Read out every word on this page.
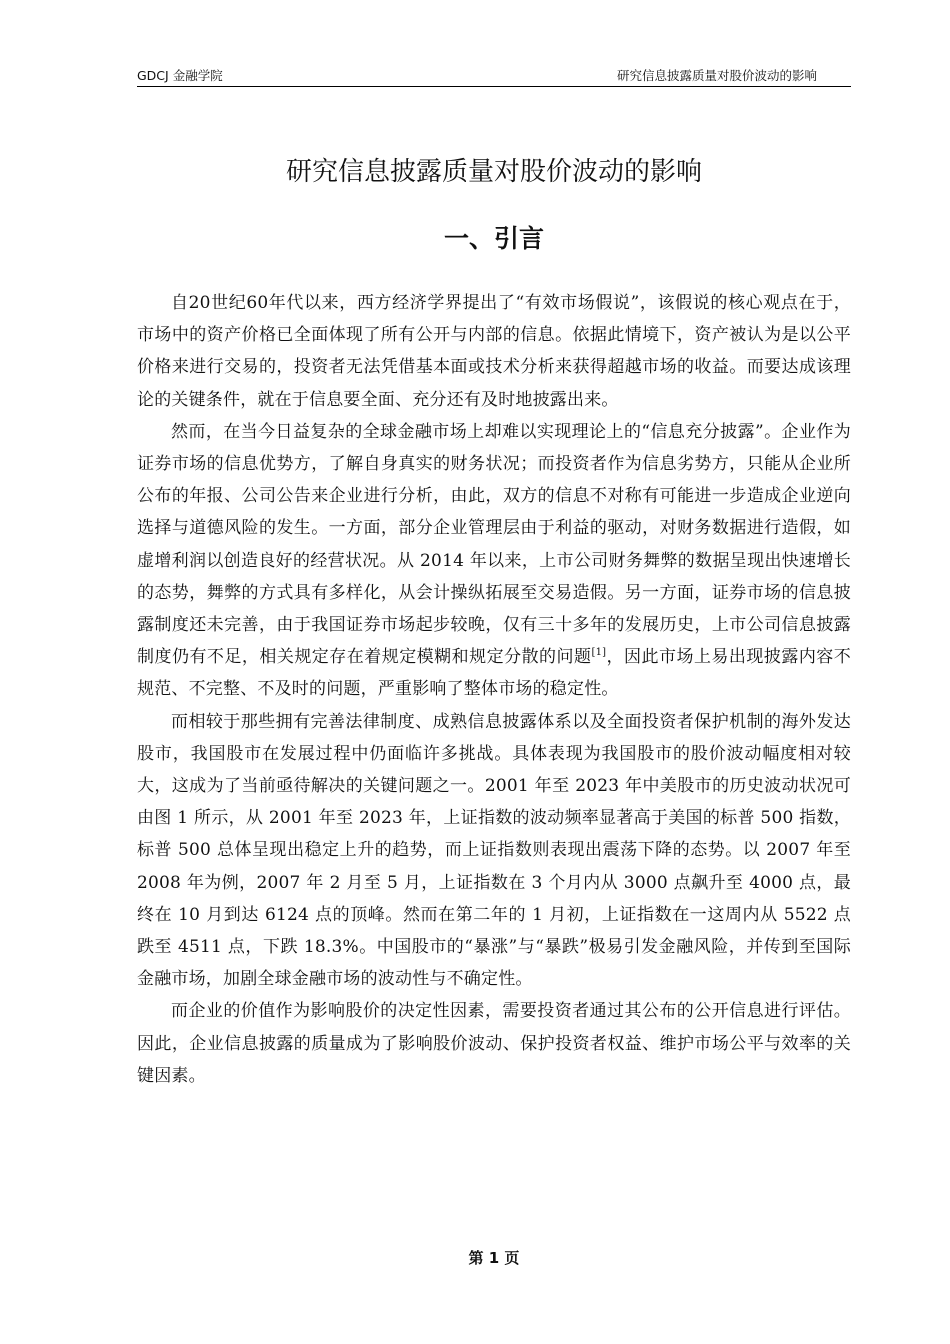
GDCJ 金融学院	研究信息披露质量对股价波动的影响
研究信息披露质量对股价波动的影响
一、引言

自20世纪60年代以来，西方经济学界提出了“有效市场假说”，该假说的核心观点在于，市场中的资产价格已全面体现了所有公开与内部的信息。依据此情境下，资产被认为是以公平价格来进行交易的，投资者无法凭借基本面或技术分析来获得超越市场的收益。而要达成该理论的关键条件，就在于信息要全面、充分还有及时地披露出来。

然而，在当今日益复杂的全球金融市场上却难以实现理论上的“信息充分披露”。企业作为证券市场的信息优势方，了解自身真实的财务状况；而投资者作为信息劣势方，只能从企业所公布的年报、公司公告来企业进行分析，由此，双方的信息不对称有可能进一步造成企业逆向选择与道德风险的发生。一方面，部分企业管理层由于利益的驱动，对财务数据进行造假，如虚增利润以创造良好的经营状况。从 2014 年以来，上市公司财务舞弊的数据呈现出快速增长的态势，舞弊的方式具有多样化，从会计操纵拓展至交易造假。另一方面，证券市场的信息披露制度还未完善，由于我国证券市场起步较晚，仅有三十多年的发展历史，上市公司信息披露制度仍有不足，相关规定存在着规定模糊和规定分散的问题[1]，因此市场上易出现披露内容不规范、不完整、不及时的问题，严重影响了整体市场的稳定性。

而相较于那些拥有完善法律制度、成熟信息披露体系以及全面投资者保护机制的海外发达股市，我国股市在发展过程中仍面临许多挑战。具体表现为我国股市的股价波动幅度相对较大，这成为了当前亟待解决的关键问题之一。2001 年至 2023 年中美股市的历史波动状况可由图 1 所示，从 2001 年至 2023 年，上证指数的波动频率显著高于美国的标普 500 指数，标普 500 总体呈现出稳定上升的趋势，而上证指数则表现出震荡下降的态势。以 2007 年至 2008 年为例，2007 年 2 月至 5 月，上证指数在 3 个月内从 3000 点飙升至 4000 点，最终在 10 月到达 6124 点的顶峰。然而在第二年的 1 月初，上证指数在一这周内从 5522 点跌至 4511 点，下跌 18.3%。中国股市的“暴涨”与“暴跌”极易引发金融风险，并传到至国际金融市场，加剧全球金融市场的波动性与不确定性。

而企业的价值作为影响股价的决定性因素，需要投资者通过其公布的公开信息进行评估。因此，企业信息披露的质量成为了影响股价波动、保护投资者权益、维护市场公平与效率的关键因素。

第 1 页
